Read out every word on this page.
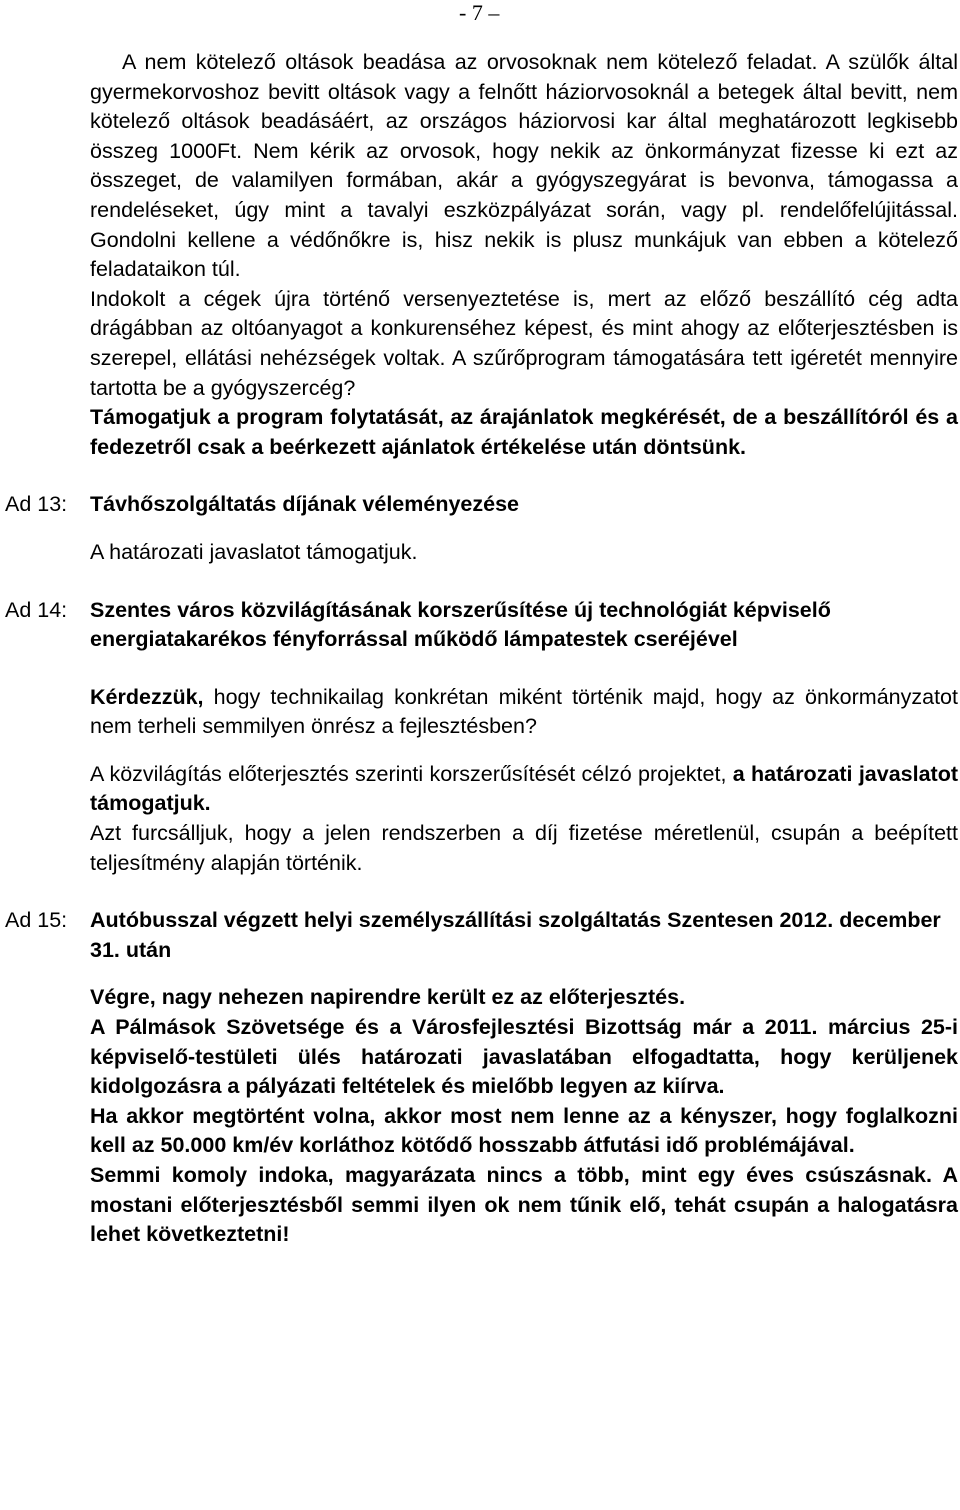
- 7 –

A nem kötelező oltások beadása az orvosoknak nem kötelező feladat. A szülők által gyermekorvoshoz bevitt oltások vagy a felnőtt háziorvosoknál a betegek által bevitt, nem kötelező oltások beadásáért, az országos háziorvosi kar által meghatározott legkisebb összeg 1000Ft. Nem kérik az orvosok, hogy nekik az önkormányzat fizesse ki ezt az összeget, de valamilyen formában, akár a gyógyszegyárat is bevonva, támogassa a rendeléseket, úgy mint a tavalyi eszközpályázat során, vagy pl. rendelőfelújitással. Gondolni kellene a védőnőkre is, hisz nekik is plusz munkájuk van ebben a kötelező feladataikon túl.

Indokolt a cégek újra történő versenyeztetése is, mert az előző beszállító cég adta drágábban az oltóanyagot a konkurenséhez képest, és mint ahogy az előterjesztésben is szerepel, ellátási nehézségek voltak. A szűrőprogram támogatására tett igéretét mennyire tartotta be a gyógyszercég?

Támogatjuk a program folytatását, az árajánlatok megkérését, de a beszállítóról és a fedezetről csak a beérkezett ajánlatok értékelése után döntsünk.

Ad 13: Távhőszolgáltatás díjának véleményezése

A határozati javaslatot támogatjuk.

Ad 14: Szentes város közvilágításának korszerűsítése új technológiát képviselő energiatakarékos fényforrással működő lámpatestek cseréjével

Kérdezzük, hogy technikailag konkrétan miként történik majd, hogy az önkormányzatot nem terheli semmilyen önrész a fejlesztésben?

A közvilágítás előterjesztés szerinti korszerűsítését célzó projektet, a határozati javaslatot támogatjuk.

Azt furcsálljuk, hogy a jelen rendszerben a díj fizetése méretlenül, csupán a beépített teljesítmény alapján történik.

Ad 15: Autóbusszal végzett helyi személyszállítási szolgáltatás Szentesen 2012. december 31. után

Végre, nagy nehezen napirendre került ez az előterjesztés.

A Pálmások Szövetsége és a Városfejlesztési Bizottság már a 2011. március 25-i képviselő-testületi ülés határozati javaslatában elfogadtatta, hogy kerüljenek kidolgozásra a pályázati feltételek és mielőbb legyen az kiírva.

Ha akkor megtörtént volna, akkor most nem lenne az a kényszer, hogy foglalkozni kell az 50.000 km/év korláthoz kötődő hosszabb átfutási idő problémájával.

Semmi komoly indoka, magyarázata nincs a több, mint egy éves csúszásnak. A mostani előterjesztésből semmi ilyen ok nem tűnik elő, tehát csupán a halogatásra lehet következtetni!
